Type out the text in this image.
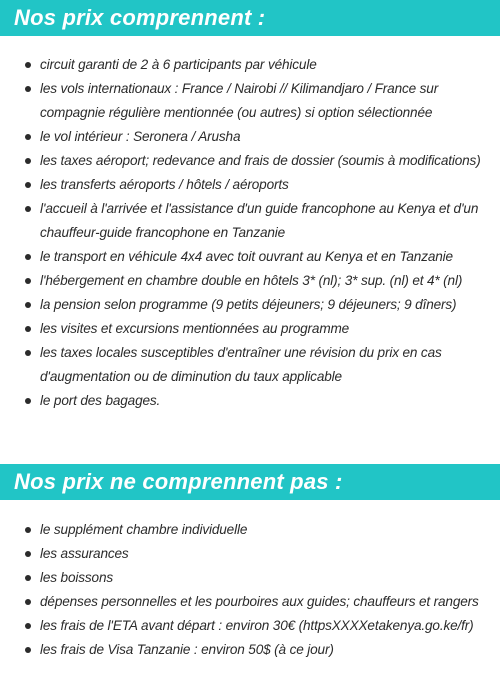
Nos prix comprennent :
circuit garanti de 2 à 6 participants par véhicule
les vols internationaux : France / Nairobi // Kilimandjaro / France sur compagnie régulière mentionnée (ou autres) si option sélectionnée
le vol intérieur : Seronera / Arusha
les taxes aéroport; redevance and frais de dossier (soumis à modifications)
les transferts aéroports / hôtels / aéroports
l'accueil à l'arrivée et l'assistance d'un guide francophone au Kenya et d'un chauffeur-guide francophone en Tanzanie
le transport en véhicule 4x4 avec toit ouvrant au Kenya et en Tanzanie
l'hébergement en chambre double en hôtels 3* (nl); 3* sup. (nl) et 4* (nl)
la pension selon programme (9 petits déjeuners; 9 déjeuners; 9 dîners)
les visites et excursions mentionnées au programme
les taxes locales susceptibles d'entraîner une révision du prix en cas d'augmentation ou de diminution du taux applicable
le port des bagages.
Nos prix ne comprennent pas :
le supplément chambre individuelle
les assurances
les boissons
dépenses personnelles et les pourboires aux guides; chauffeurs et rangers
les frais de l'ETA avant départ : environ 30€ (httpsXXXXetakenya.go.ke/fr)
les frais de Visa Tanzanie : environ 50$ (à ce jour)
